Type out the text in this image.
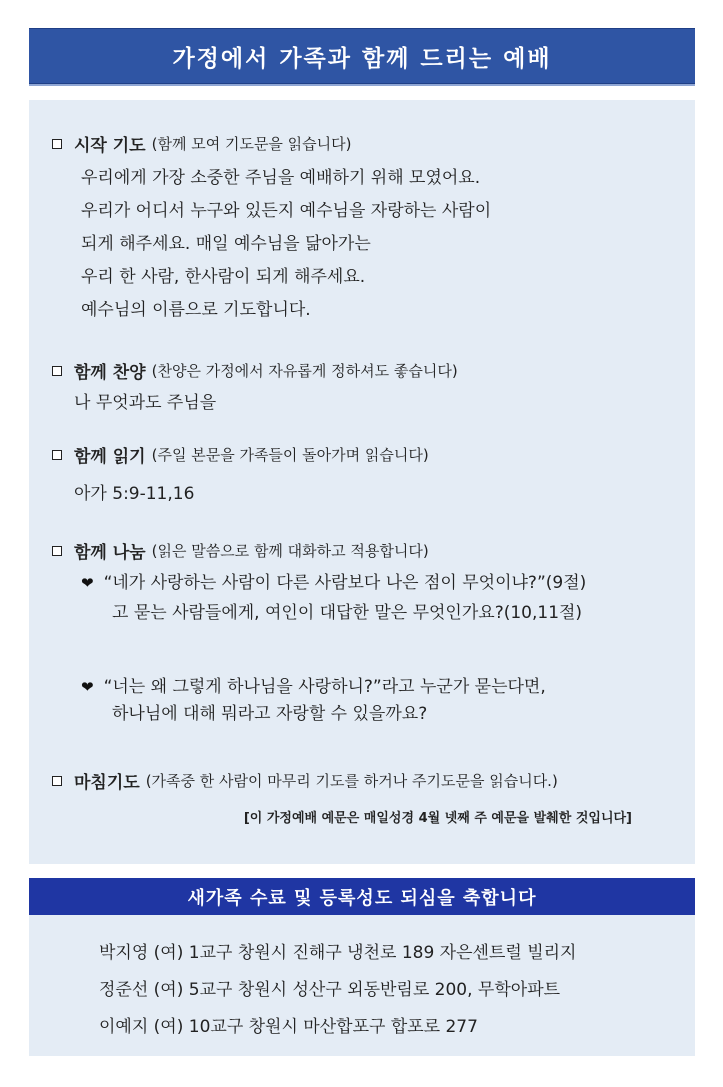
가정에서 가족과 함께 드리는 예배
시작 기도 (함께 모여 기도문을 읽습니다)
우리에게 가장 소중한 주님을 예배하기 위해 모였어요.
우리가 어디서 누구와 있든지 예수님을 자랑하는 사람이
되게 해주세요. 매일 예수님을 닮아가는
우리 한 사람, 한사람이 되게 해주세요.
예수님의 이름으로 기도합니다.
함께 찬양 (찬양은 가정에서 자유롭게 정하셔도 좋습니다)
나 무엇과도 주님을
함께 읽기 (주일 본문을 가족들이 돌아가며 읽습니다)
아가 5:9-11,16
함께 나눔 (읽은 말씀으로 함께 대화하고 적용합니다)
❤ “네가 사랑하는 사람이 다른 사람보다 나은 점이 무엇이냐?”(9절)
고 묻는 사람들에게, 여인이 대답한 말은 무엇인가요?(10,11절)
❤ “너는 왜 그렇게 하나님을 사랑하니?”라고 누군가 묻는다면,
하나님에 대해 뭐라고 자랑할 수 있을까요?
마침기도 (가족중 한 사람이 마무리 기도를 하거나 주기도문을 읽습니다.)
[이 가정예배 예문은 매일성경 4월 넷째 주 예문을 발췌한 것입니다]
새가족 수료 및 등록성도 되심을 축합니다
박지영 (여) 1교구 창원시 진해구 냉천로 189 자은센트럴 빌리지
정준선 (여) 5교구 창원시 성산구 외동반림로 200, 무학아파트
이예지 (여) 10교구 창원시 마산합포구 합포로 277
